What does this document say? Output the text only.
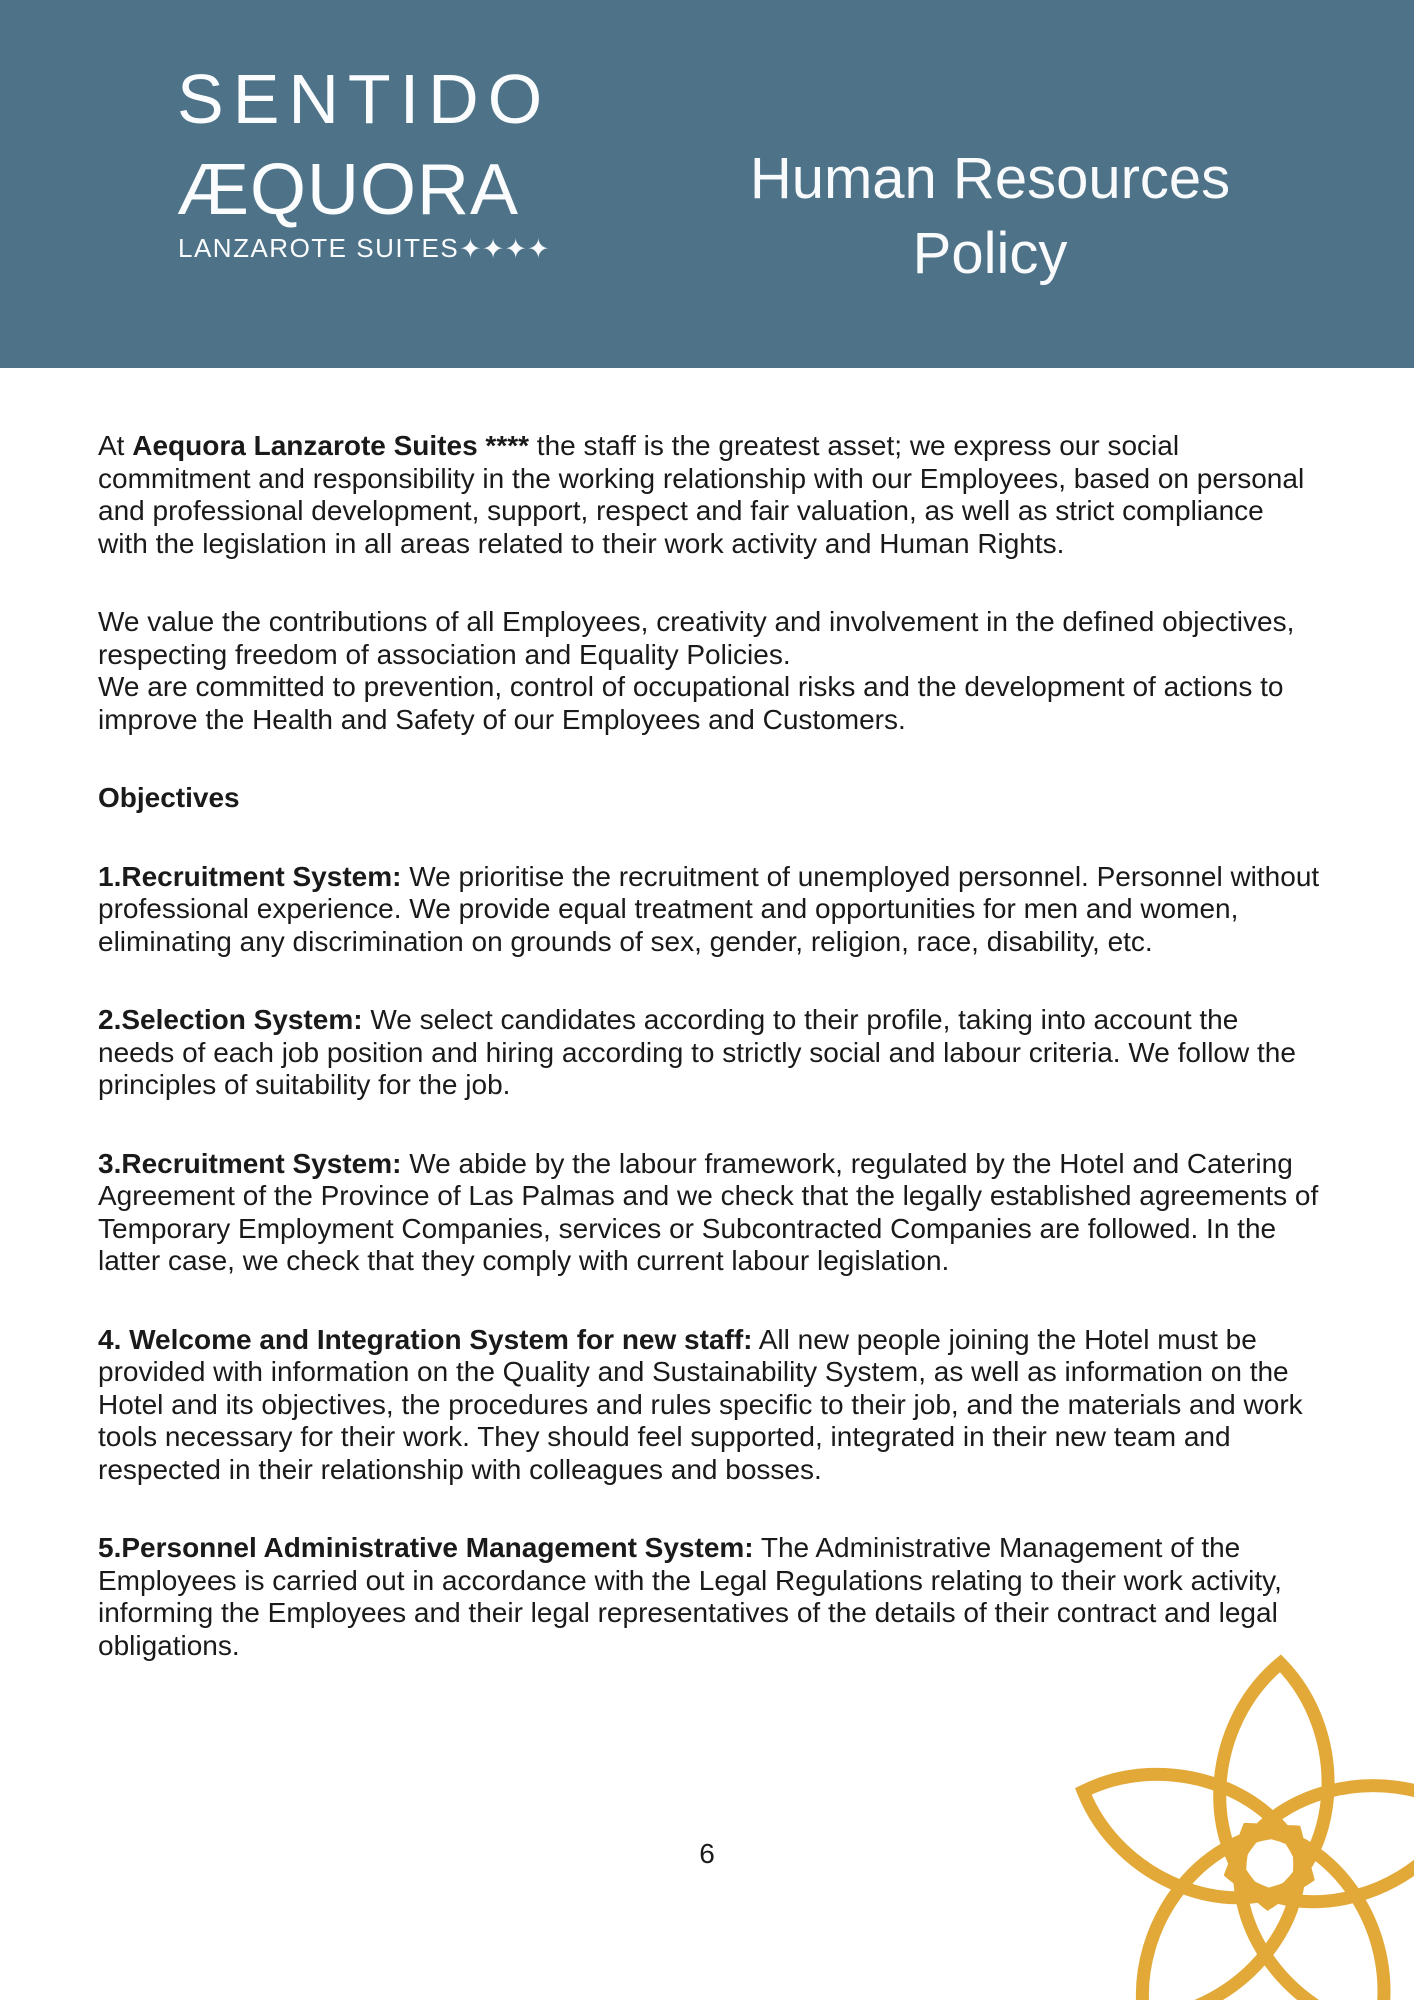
SENTIDO
ÆQUORA
LANZAROTE SUITES✦✦✦✦
Human Resources
Policy

At Aequora Lanzarote Suites **** the staff is the greatest asset; we express our social commitment and responsibility in the working relationship with our Employees, based on personal and professional development, support, respect and fair valuation, as well as strict compliance with the legislation in all areas related to their work activity and Human Rights.

We value the contributions of all Employees, creativity and involvement in the defined objectives, respecting freedom of association and Equality Policies.
We are committed to prevention, control of occupational risks and the development of actions to improve the Health and Safety of our Employees and Customers.

Objectives

1.Recruitment System: We prioritise the recruitment of unemployed personnel. Personnel without professional experience. We provide equal treatment and opportunities for men and women, eliminating any discrimination on grounds of sex, gender, religion, race, disability, etc.

2.Selection System: We select candidates according to their profile, taking into account the needs of each job position and hiring according to strictly social and labour criteria. We follow the principles of suitability for the job.

3.Recruitment System: We abide by the labour framework, regulated by the Hotel and Catering Agreement of the Province of Las Palmas and we check that the legally established agreements of Temporary Employment Companies, services or Subcontracted Companies are followed. In the latter case, we check that they comply with current labour legislation.

4. Welcome and Integration System for new staff: All new people joining the Hotel must be provided with information on the Quality and Sustainability System, as well as information on the Hotel and its objectives, the procedures and rules specific to their job, and the materials and work tools necessary for their work. They should feel supported, integrated in their new team and respected in their relationship with colleagues and bosses.

5.Personnel Administrative Management System: The Administrative Management of the Employees is carried out in accordance with the Legal Regulations relating to their work activity, informing the Employees and their legal representatives of the details of their contract and legal obligations.

6
